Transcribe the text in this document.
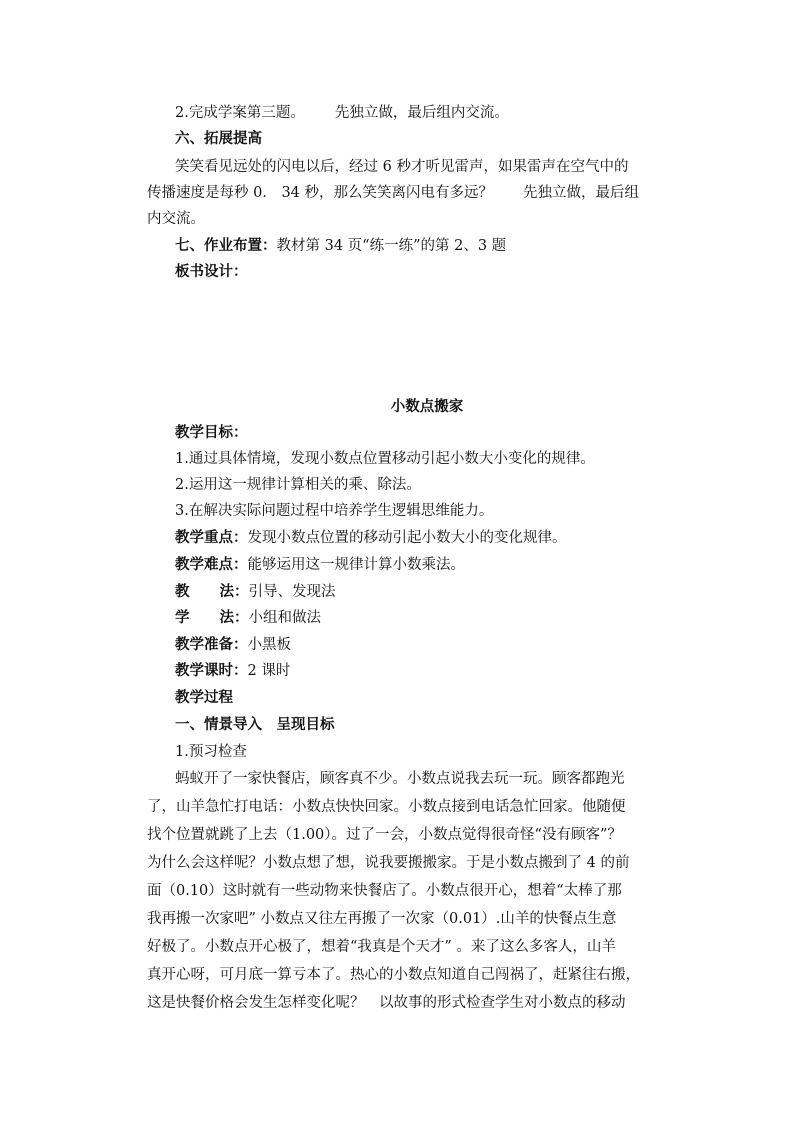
2.完成学案第三题。 先独立做，最后组内交流。
六、拓展提高
笑笑看见远处的闪电以后，经过 6 秒才听见雷声，如果雷声在空气中的
传播速度是每秒 0． 34 秒，那么笑笑离闪电有多远？ 先独立做，最后组
内交流。
七、作业布置：教材第 34 页“练一练”的第 2、3 题
板书设计：
小数点搬家
教学目标：
1.通过具体情境，发现小数点位置移动引起小数大小变化的规律。
2.运用这一规律计算相关的乘、除法。
3.在解决实际问题过程中培养学生逻辑思维能力。
教学重点：发现小数点位置的移动引起小数大小的变化规律。
教学难点：能够运用这一规律计算小数乘法。
教 法：引导、发现法
学 法：小组和做法
教学准备：小黑板
教学课时：2 课时
教学过程
一、情景导入　呈现目标
1.预习检查
蚂蚁开了一家快餐店，顾客真不少。小数点说我去玩一玩。顾客都跑光
了，山羊急忙打电话：小数点快快回家。小数点接到电话急忙回家。他随便
找个位置就跳了上去（1.00）。过了一会，小数点觉得很奇怪“没有顾客”？
为什么会这样呢？小数点想了想，说我要搬搬家。于是小数点搬到了 4 的前
面（0.10）这时就有一些动物来快餐店了。小数点很开心，想着“太棒了那
我再搬一次家吧” 小数点又往左再搬了一次家（0.01）.山羊的快餐点生意
好极了。小数点开心极了，想着“我真是个天才” 。来了这么多客人，山羊
真开心呀，可月底一算亏本了。热心的小数点知道自己闯祸了，赶紧往右搬，
这是快餐价格会发生怎样变化呢？　以故事的形式检查学生对小数点的移动
